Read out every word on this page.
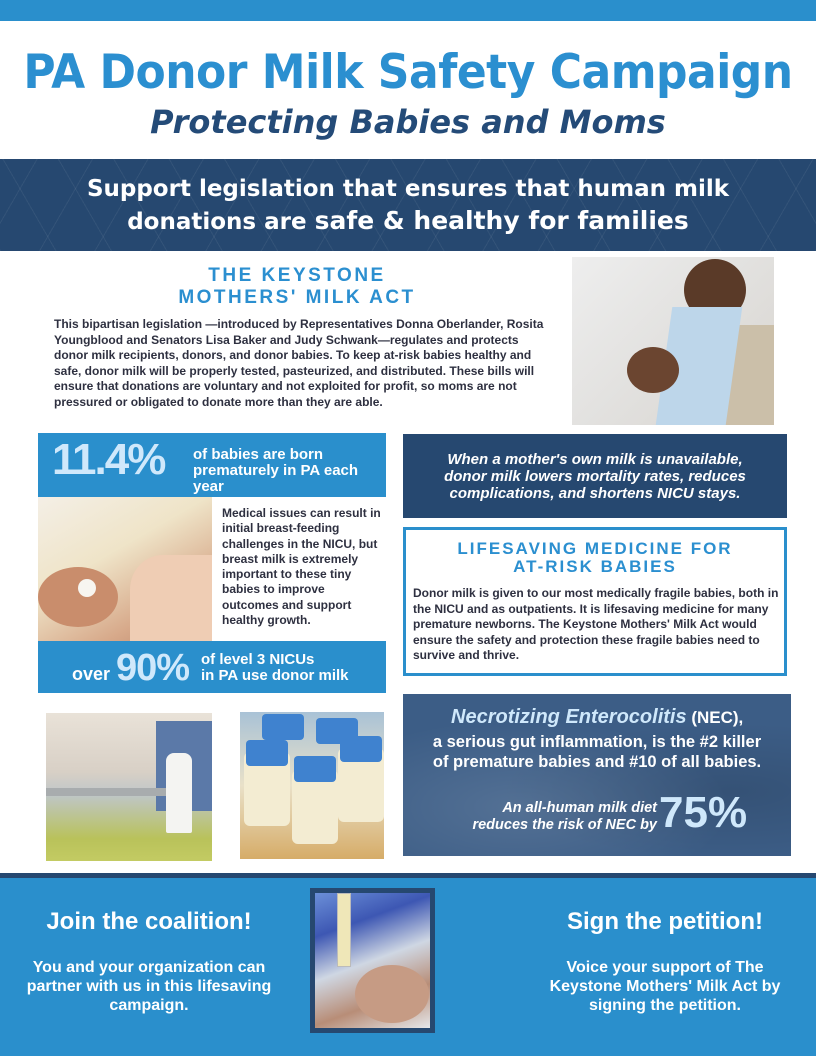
PA Donor Milk Safety Campaign
Protecting Babies and Moms
Support legislation that ensures that human milk
donations are safe & healthy for families
THE KEYSTONE
MOTHERS' MILK ACT

This bipartisan legislation —introduced by Representatives Donna Oberlander, Rosita Youngblood and Senators Lisa Baker and Judy Schwank—regulates and protects donor milk recipients, donors, and donor babies. To keep at-risk babies healthy and safe, donor milk will be properly tested, pasteurized, and distributed. These bills will ensure that donations are voluntary and not exploited for profit, so moms are not pressured or obligated to donate more than they are able.

11.4% of babies are born
prematurely in PA each year

Medical issues can result in initial breast-feeding challenges in the NICU, but breast milk is extremely important to these tiny babies to improve outcomes and support healthy growth.

over 90% of level 3 NICUs
in PA use donor milk
When a mother's own milk is unavailable,
donor milk lowers mortality rates, reduces
complications, and shortens NICU stays.
LIFESAVING MEDICINE FOR
AT-RISK BABIES

Donor milk is given to our most medically fragile babies, both in the NICU and as outpatients. It is lifesaving medicine for many premature newborns. The Keystone Mothers' Milk Act would ensure the safety and protection these fragile babies need to survive and thrive.

Necrotizing Enterocolitis (NEC),
a serious gut inflammation, is the #2 killer
of premature babies and #10 of all babies.
An all-human milk diet
reduces the risk of NEC by 75%
Join the coalition!
You and your organization can partner with us in this lifesaving campaign.
Sign the petition!
Voice your support of The Keystone Mothers' Milk Act by signing the petition.
